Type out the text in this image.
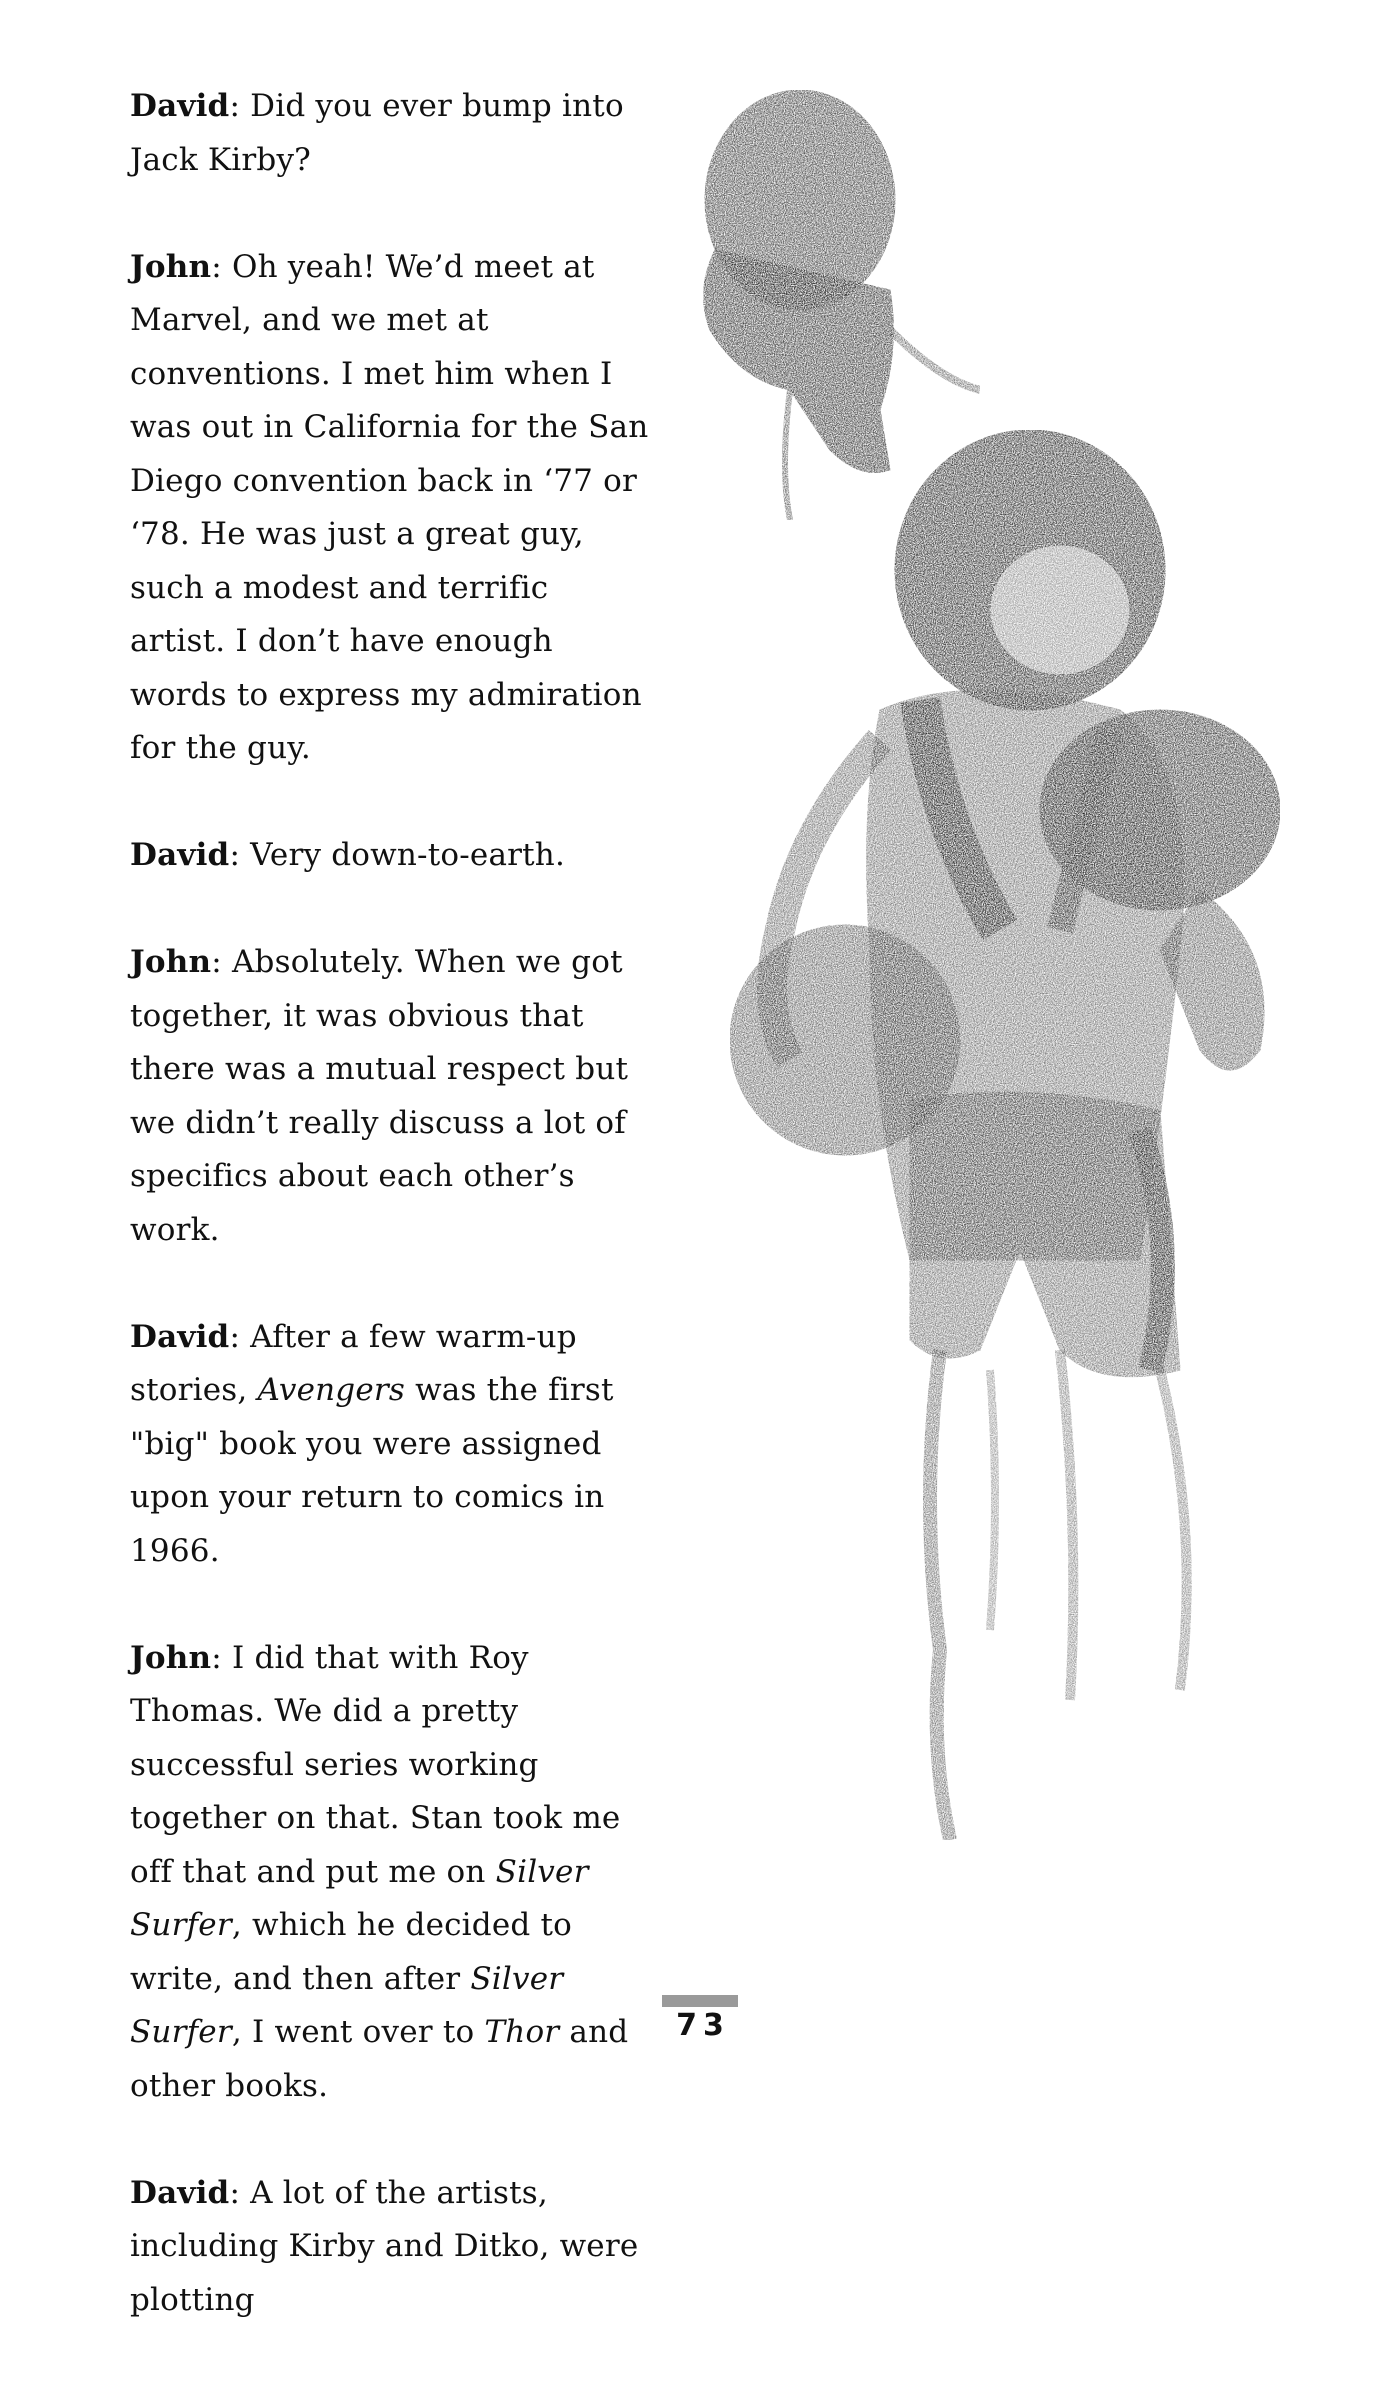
David: Did you ever bump into Jack Kirby?

John: Oh yeah! We’d meet at Marvel, and we met at conventions. I met him when I was out in California for the San Diego convention back in ‘77 or ‘78. He was just a great guy, such a modest and terrific artist. I don’t have enough words to express my admiration for the guy.

David: Very down-to-earth.

John: Absolutely. When we got together, it was obvious that there was a mutual respect but we didn’t really discuss a lot of specifics about each other’s work.

David: After a few warm-up stories, Avengers was the first "big" book you were assigned upon your return to comics in 1966.

John: I did that with Roy Thomas. We did a pretty successful series working together on that. Stan took me off that and put me on Silver Surfer, which he decided to write, and then after Silver Surfer, I went over to Thor and other books.

David: A lot of the artists, including Kirby and Ditko, were plotting

73
